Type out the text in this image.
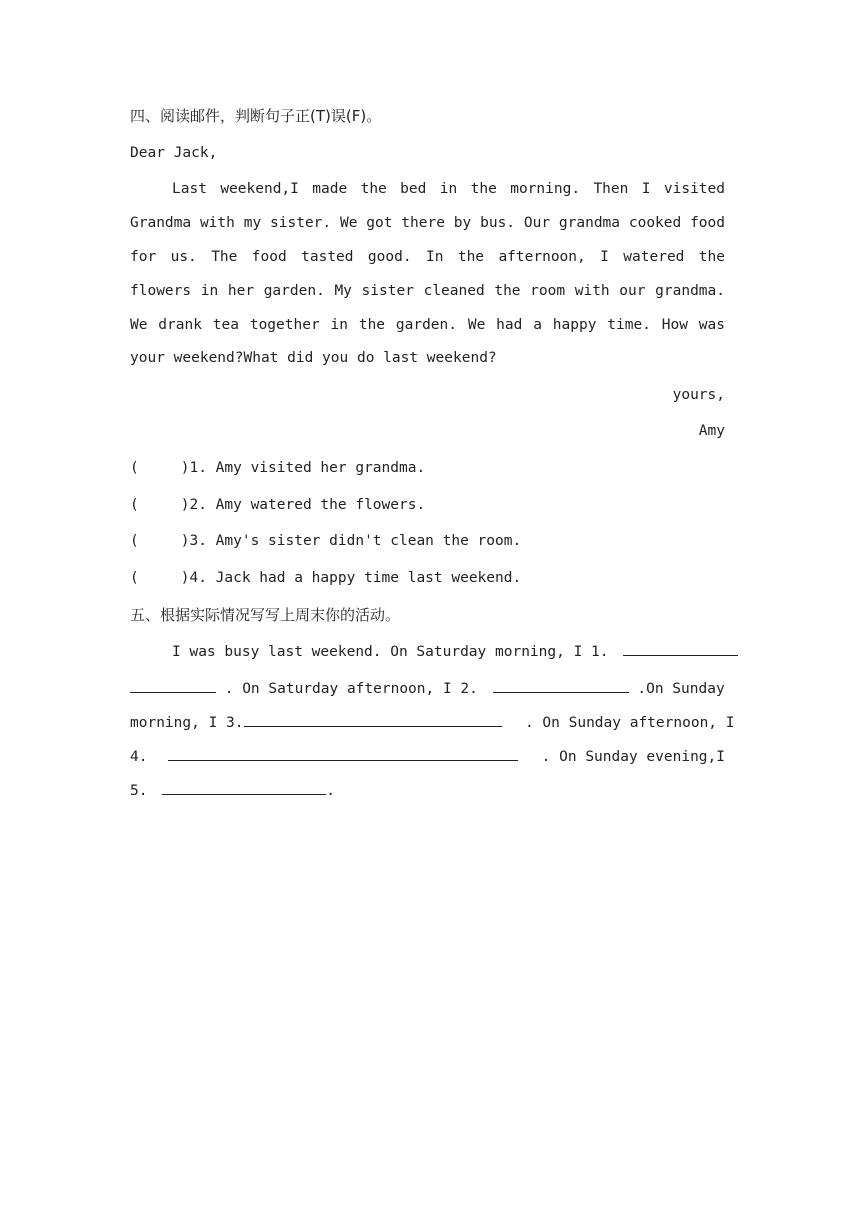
四、阅读邮件，判断句子正(T)误(F)。
Dear Jack,
Last weekend,I made the bed in the morning. Then I visited
Grandma with my sister. We got there by bus. Our grandma cooked food
for us. The food tasted good. In the afternoon, I watered the
flowers in her garden. My sister cleaned the room with our grandma.
We drank tea together in the garden. We had a happy time. How was
your weekend?What did you do last weekend?
yours,
Amy
(	)1. Amy visited her grandma.
(	)2. Amy watered the flowers.
(	)3. Amy's sister didn't clean the room.
(	)4. Jack had a happy time last weekend.
五、根据实际情况写写上周末你的活动。
I was busy last weekend. On Saturday morning, I 1.
. On Saturday afternoon, I 2.	.On Sunday
morning, I 3.	. On Sunday afternoon, I
4.	. On Sunday evening,I
5.	.
